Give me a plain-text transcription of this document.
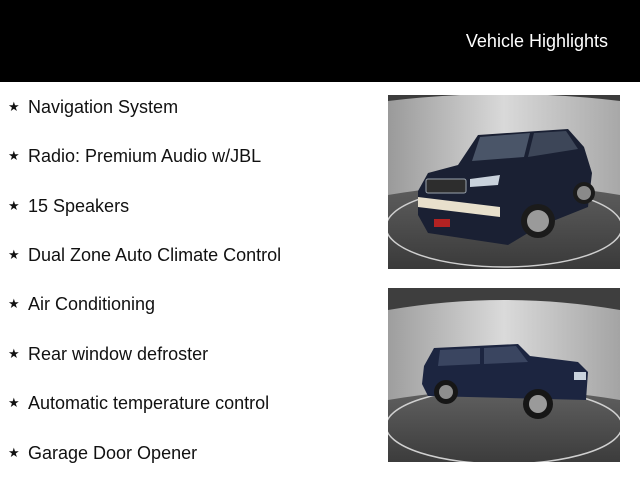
Vehicle Highlights
★ Navigation System
★ Radio: Premium Audio w/JBL
★ 15 Speakers
★ Dual Zone Auto Climate Control
★ Air Conditioning
★ Rear window defroster
★ Automatic temperature control
★ Garage Door Opener
